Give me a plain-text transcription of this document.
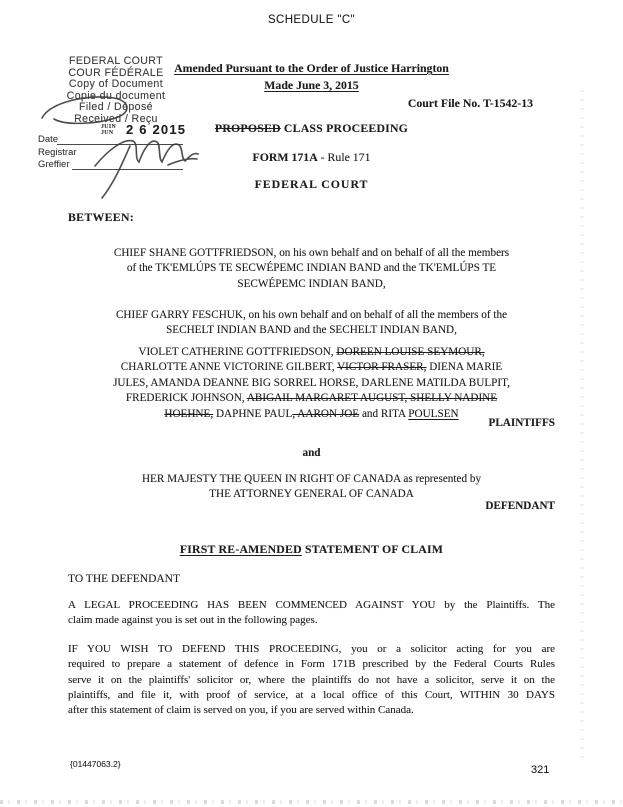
SCHEDULE "C"
FEDERAL COURT
COUR FÉDÉRALE
Copy of Document
Copie du document
Filed / Déposé
Received / Reçu
Date
Registrar
Greffier
JUIN
JUN 2 6 2015
Amended Pursuant to the Order of Justice Harrington
Made June 3, 2015
Court File No. T-1542-13
PROPOSED CLASS PROCEEDING
FORM 171A - Rule 171
FEDERAL COURT
BETWEEN:
CHIEF SHANE GOTTFRIEDSON, on his own behalf and on behalf of all the members
of the TK'EMLÚPS TE SECWÉPEMC INDIAN BAND and the TK'EMLÚPS TE
SECWÉPEMC INDIAN BAND,
CHIEF GARRY FESCHUK, on his own behalf and on behalf of all the members of the
SECHELT INDIAN BAND and the SECHELT INDIAN BAND,
VIOLET CATHERINE GOTTFRIEDSON, DOREEN LOUISE SEYMOUR,
CHARLOTTE ANNE VICTORINE GILBERT, VICTOR FRASER, DIENA MARIE
JULES, AMANDA DEANNE BIG SORREL HORSE, DARLENE MATILDA BULPIT,
FREDERICK JOHNSON, ABIGAIL MARGARET AUGUST, SHELLY NADINE
HOEHNE, DAPHNE PAUL, AARON JOE and RITA POULSEN
PLAINTIFFS
and
HER MAJESTY THE QUEEN IN RIGHT OF CANADA as represented by
THE ATTORNEY GENERAL OF CANADA
DEFENDANT
FIRST RE-AMENDED STATEMENT OF CLAIM
TO THE DEFENDANT
A LEGAL PROCEEDING HAS BEEN COMMENCED AGAINST YOU by the Plaintiffs. The
claim made against you is set out in the following pages.
IF YOU WISH TO DEFEND THIS PROCEEDING, you or a solicitor acting for you are
required to prepare a statement of defence in Form 171B prescribed by the Federal Courts Rules
serve it on the plaintiffs' solicitor or, where the plaintiffs do not have a solicitor, serve it on the
plaintiffs, and file it, with proof of service, at a local office of this Court, WITHIN 30 DAYS
after this statement of claim is served on you, if you are served within Canada.
{01447063.2}	321
